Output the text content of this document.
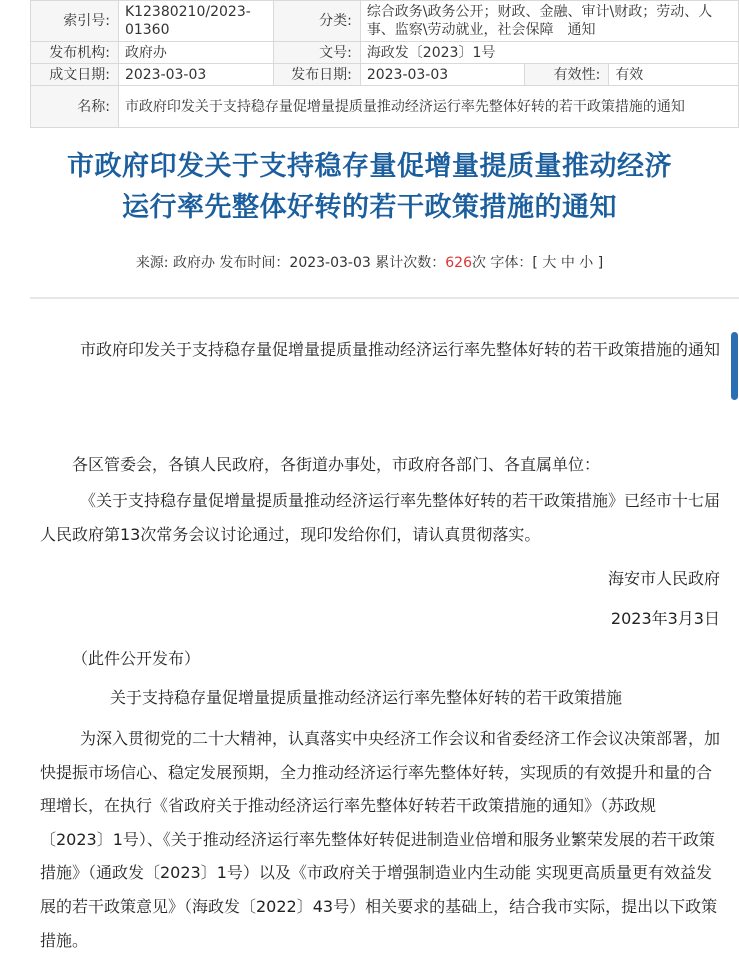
索引号:	K12380210/2023-01360	分类:	综合政务\政务公开；财政、金融、审计\财政；劳动、人事、监察\劳动就业，社会保障　通知		
发布机构:	政府办	文号:	海政发〔2023〕1号		
成文日期:	2023-03-03	发布日期:	2023-03-03	有效性:	有效
名称:	市政府印发关于支持稳存量促增量提质量推动经济运行率先整体好转的若干政策措施的通知				
市政府印发关于支持稳存量促增量提质量推动经济
运行率先整体好转的若干政策措施的通知
来源: 政府办 发布时间：2023-03-03 累计次数：626次 字体：[ 大 中 小 ]

市政府印发关于支持稳存量促增量提质量推动经济运行率先整体好转的若干政策措施的通知

各区管委会，各镇人民政府，各街道办事处，市政府各部门、各直属单位：

《关于支持稳存量促增量提质量推动经济运行率先整体好转的若干政策措施》已经市十七届人民政府第13次常务会议讨论通过，现印发给你们，请认真贯彻落实。

海安市人民政府

2023年3月3日

（此件公开发布）

关于支持稳存量促增量提质量推动经济运行率先整体好转的若干政策措施

为深入贯彻党的二十大精神，认真落实中央经济工作会议和省委经济工作会议决策部署，加快提振市场信心、稳定发展预期，全力推动经济运行率先整体好转，实现质的有效提升和量的合理增长，在执行《省政府关于推动经济运行率先整体好转若干政策措施的通知》（苏政规〔2023〕1号）、《关于推动经济运行率先整体好转促进制造业倍增和服务业繁荣发展的若干政策措施》（通政发〔2023〕1号）以及《市政府关于增强制造业内生动能 实现更高质量更有效益发展的若干政策意见》（海政发〔2022〕43号）相关要求的基础上，结合我市实际，提出以下政策措施。
